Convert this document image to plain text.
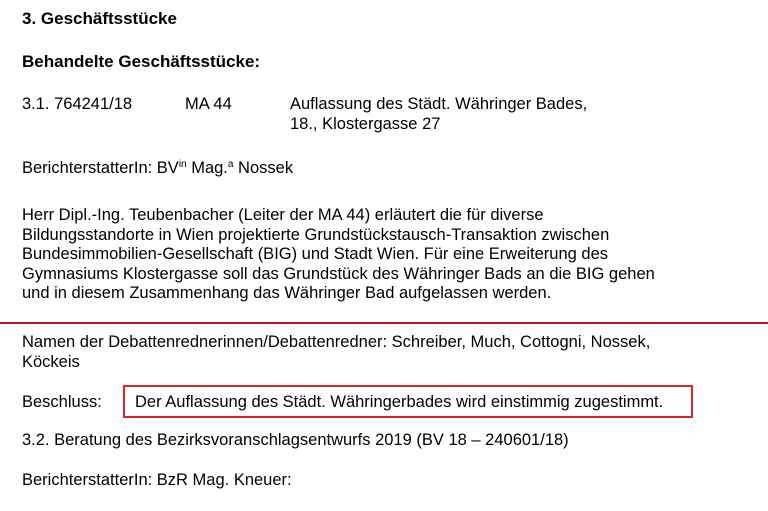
3. Geschäftsstücke
Behandelte Geschäftsstücke:
3.1. 764241/18	MA 44	Auflassung des Städt. Währinger Bades,
18., Klostergasse 27
BerichterstatterIn: $BV^{in}$ Mag.$^a$ Nossek
Herr Dipl.-Ing. Teubenbacher (Leiter der MA 44) erläutert die für diverse
Bildungsstandorte in Wien projektierte Grundstückstausch-Transaktion zwischen
Bundesimmobilien-Gesellschaft (BIG) und Stadt Wien. Für eine Erweiterung des
Gymnasiums Klostergasse soll das Grundstück des Währinger Bads an die BIG gehen
und in diesem Zusammenhang das Währinger Bad aufgelassen werden.
Namen der Debattenrednerinnen/Debattenredner: Schreiber, Much, Cottogni, Nossek,
Köckeis
Beschluss: Der Auflassung des Städt. Währingerbades wird einstimmig zugestimmt.
3.2. Beratung des Bezirksvoranschlagsentwurfs 2019 (BV 18 – 240601/18)
BerichterstatterIn: BzR Mag. Kneuer:
